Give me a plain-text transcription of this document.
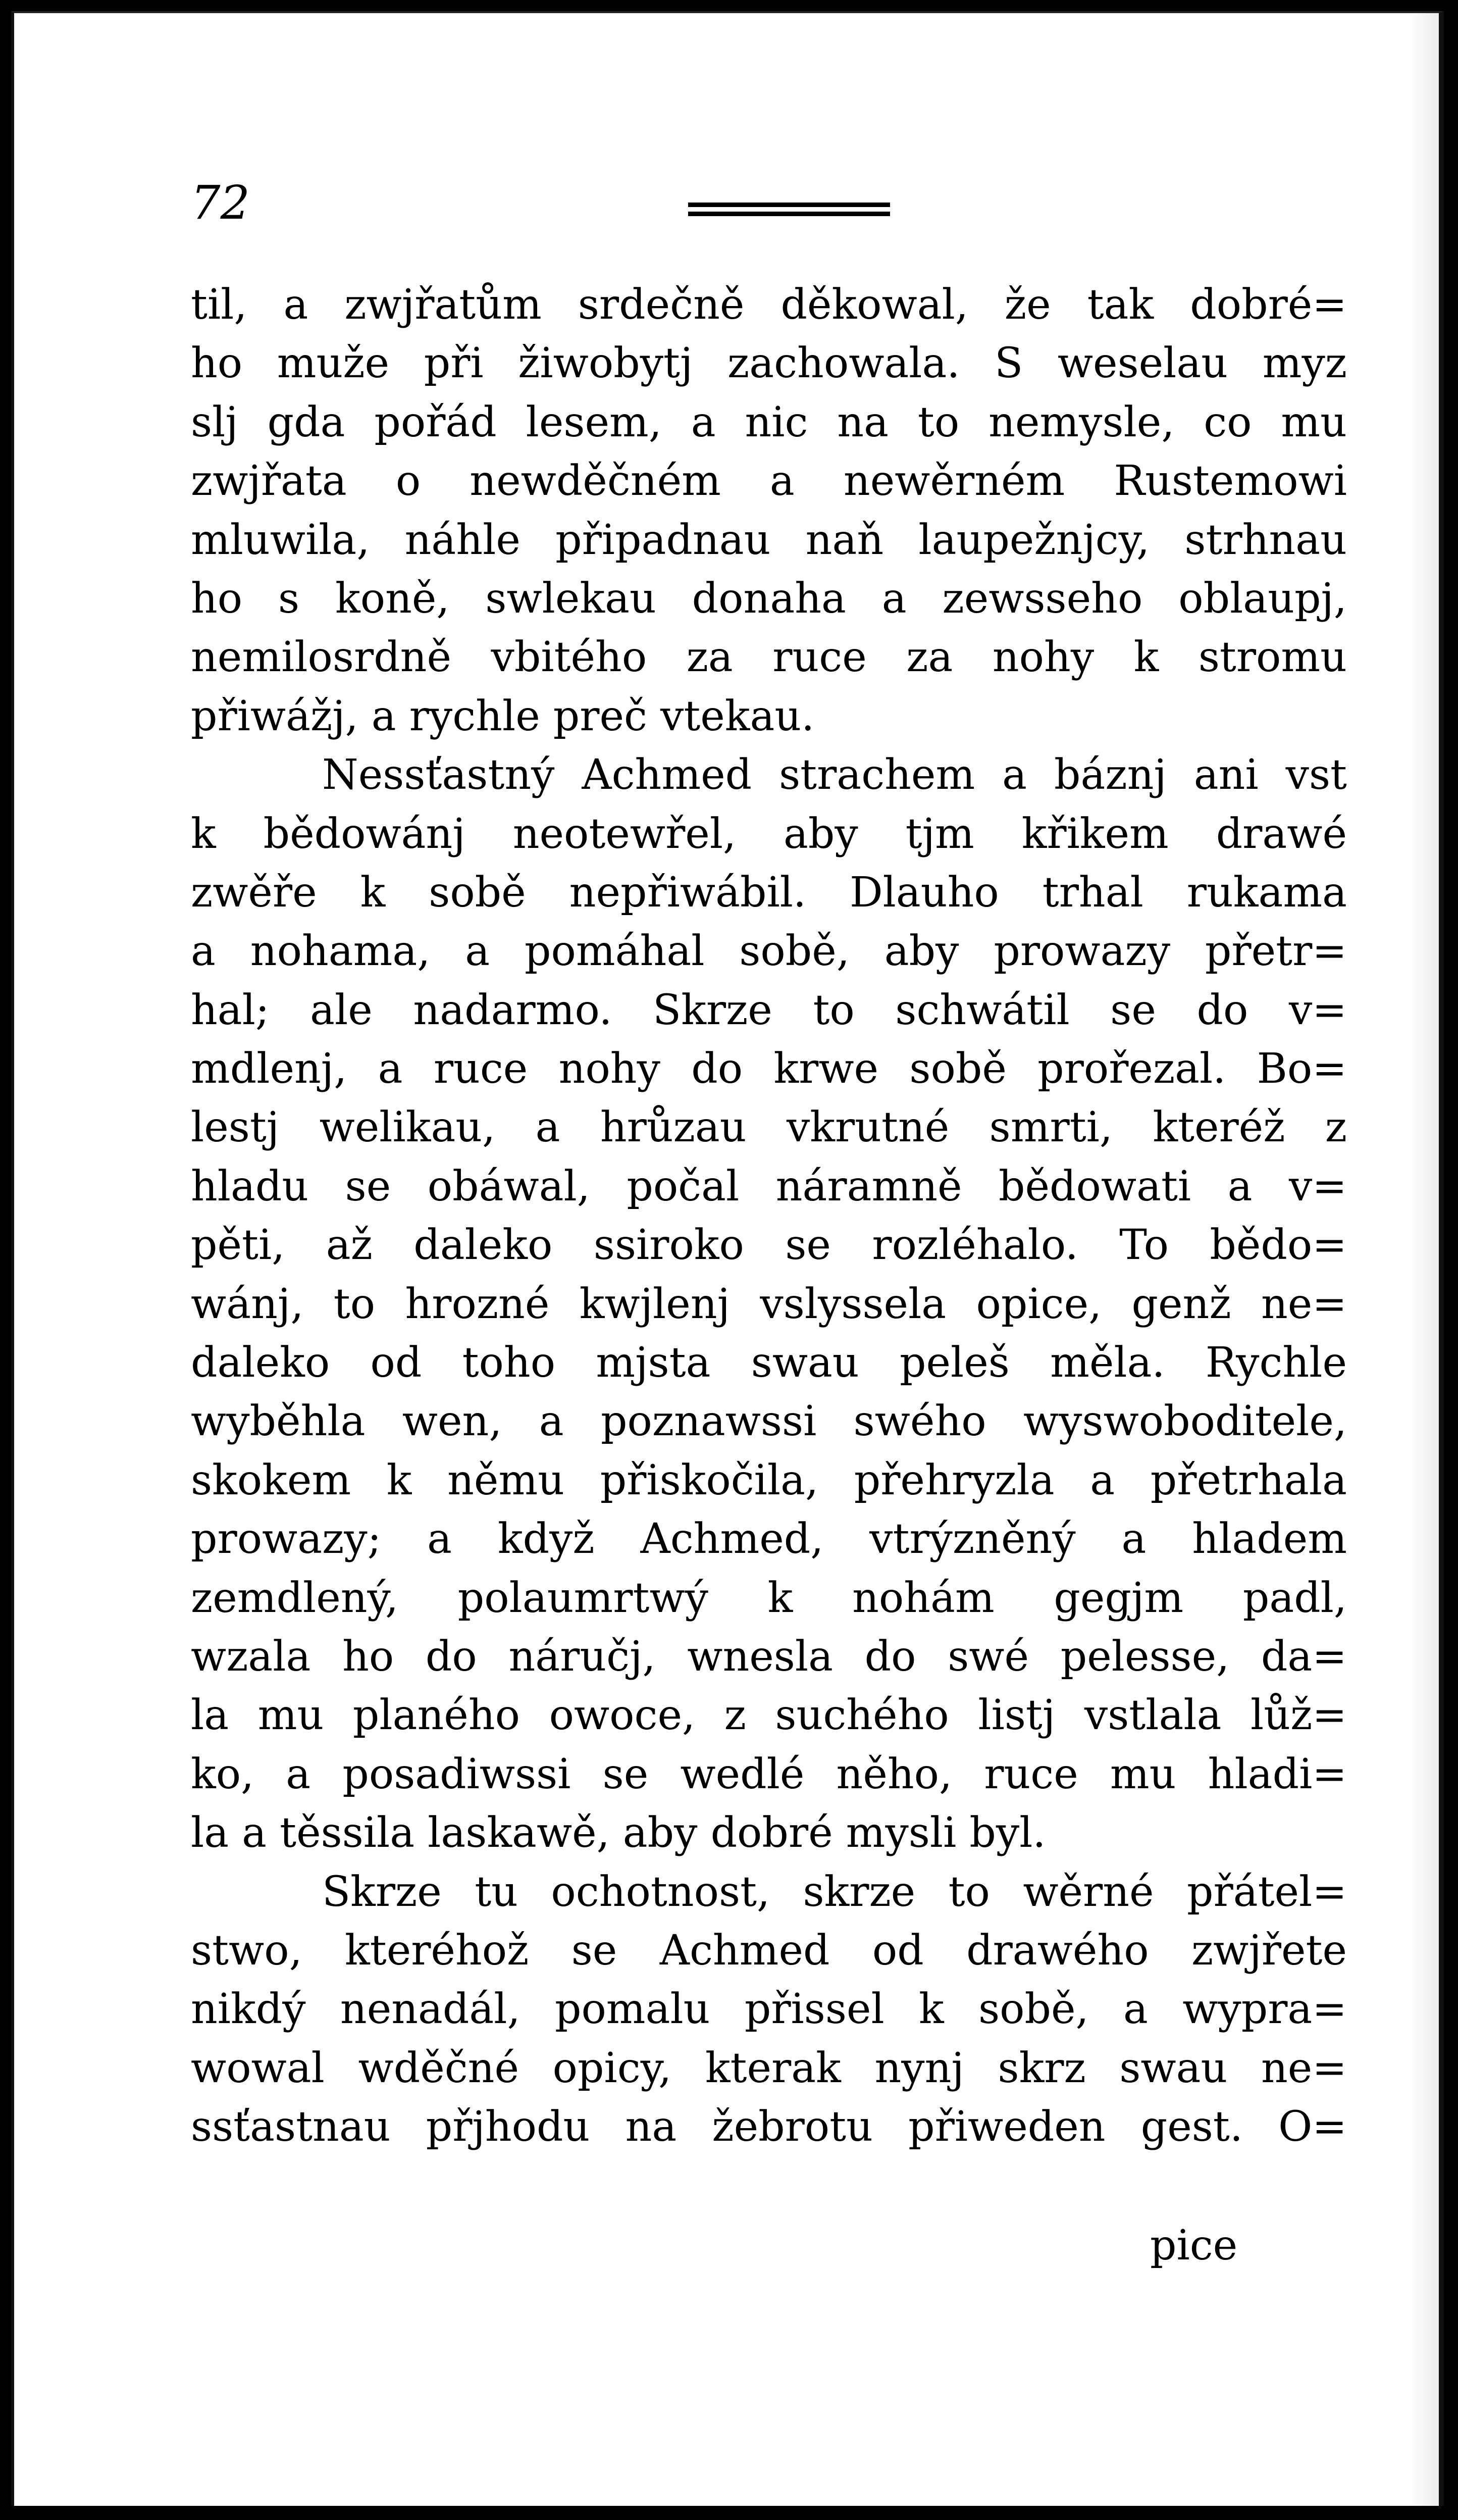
72
til, a zwjřatům srdečně děkowal, že tak dobré=
ho muže při žiwobytj zachowala. S weselau myz
slj gda pořád lesem, a nic na to nemysle, co mu
zwjřata o newděčném a newěrném Rustemowi
mluwila, náhle připadnau naň laupežnjcy, strhnau
ho s koně, swlekau donaha a zewsseho oblaupj,
nemilosrdně vbitého za ruce za nohy k stromu
přiwážj, a rychle preč vtekau.
Nessťastný Achmed strachem a báznj ani vst
k bědowánj neotewřel, aby tjm křikem drawé
zwěře k sobě nepřiwábil. Dlauho trhal rukama
a nohama, a pomáhal sobě, aby prowazy přetr=
hal; ale nadarmo. Skrze to schwátil se do v=
mdlenj, a ruce nohy do krwe sobě prořezal. Bo=
lestj welikau, a hrůzau vkrutné smrti, kteréž z
hladu se obáwal, počal náramně bědowati a v=
pěti, až daleko ssiroko se rozléhalo. To bědo=
wánj, to hrozné kwjlenj vslyssela opice, genž ne=
daleko od toho mjsta swau peleš měla. Rychle
wyběhla wen, a poznawssi swého wyswoboditele,
skokem k němu přiskočila, přehryzla a přetrhala
prowazy; a když Achmed, vtrýzněný a hladem
zemdlený, polaumrtwý k nohám gegjm padl,
wzala ho do náručj, wnesla do swé pelesse, da=
la mu planého owoce, z suchého listj vstlala lůž=
ko, a posadiwssi se wedlé něho, ruce mu hladi=
la a těssila laskawě, aby dobré mysli byl.
Skrze tu ochotnost, skrze to wěrné přátel=
stwo, kteréhož se Achmed od drawého zwjřete
nikdý nenadál, pomalu přissel k sobě, a wypra=
wowal wděčné opicy, kterak nynj skrz swau ne=
ssťastnau přjhodu na žebrotu přiweden gest. O=
pice
